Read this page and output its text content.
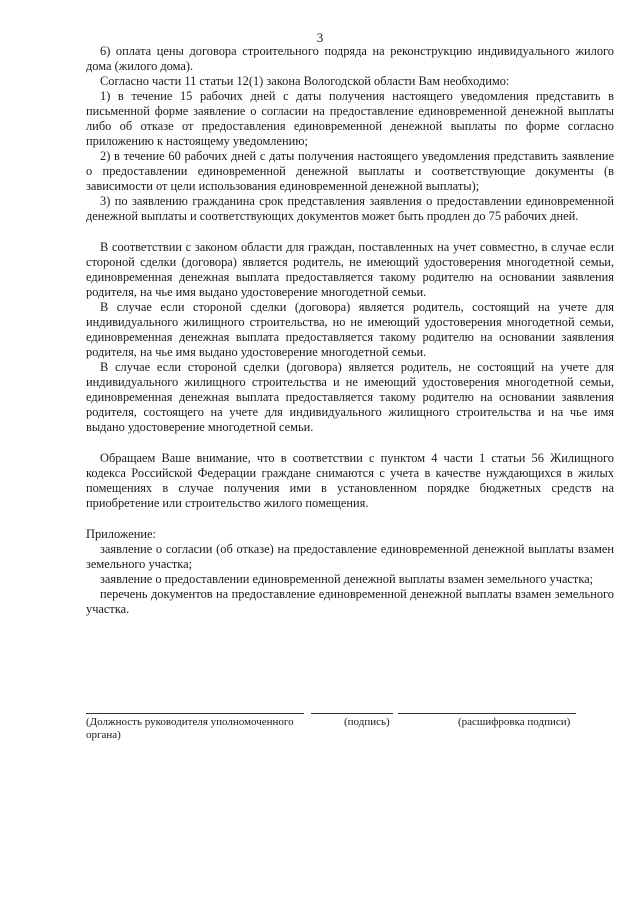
3

6) оплата цены договора строительного подряда на реконструкцию индивидуального жилого дома (жилого дома).

Согласно части 11 статьи 12(1) закона Вологодской области Вам необходимо:

1) в течение 15 рабочих дней с даты получения настоящего уведомления представить в письменной форме заявление о согласии на предоставление единовременной денежной выплаты либо об отказе от предоставления единовременной денежной выплаты по форме согласно приложению к настоящему уведомлению;

2) в течение 60 рабочих дней с даты получения настоящего уведомления представить заявление о предоставлении единовременной денежной выплаты и соответствующие документы (в зависимости от цели использования единовременной денежной выплаты);

3) по заявлению гражданина срок представления заявления о предоставлении единовременной денежной выплаты и соответствующих документов может быть продлен до 75 рабочих дней.

В соответствии с законом области для граждан, поставленных на учет совместно, в случае если стороной сделки (договора) является родитель, не имеющий удостоверения многодетной семьи, единовременная денежная выплата предоставляется такому родителю на основании заявления родителя, на чье имя выдано удостоверение многодетной семьи.

В случае если стороной сделки (договора) является родитель, состоящий на учете для индивидуального жилищного строительства, но не имеющий удостоверения многодетной семьи, единовременная денежная выплата предоставляется такому родителю на основании заявления родителя, на чье имя выдано удостоверение многодетной семьи.

В случае если стороной сделки (договора) является родитель, не состоящий на учете для индивидуального жилищного строительства и не имеющий удостоверения многодетной семьи, единовременная денежная выплата предоставляется такому родителю на основании заявления родителя, состоящего на учете для индивидуального жилищного строительства и на чье имя выдано удостоверение многодетной семьи.

Обращаем Ваше внимание, что в соответствии с пунктом 4 части 1 статьи 56 Жилищного кодекса Российской Федерации граждане снимаются с учета в качестве нуждающихся в жилых помещениях в случае получения ими в установленном порядке бюджетных средств на приобретение или строительство жилого помещения.

Приложение:

заявление о согласии (об отказе) на предоставление единовременной денежной выплаты взамен земельного участка;

заявление о предоставлении единовременной денежной выплаты взамен земельного участка;

перечень документов на предоставление единовременной денежной выплаты взамен земельного участка.

(Должность руководителя уполномоченного органа)
(подпись)	(расшифровка подписи)
